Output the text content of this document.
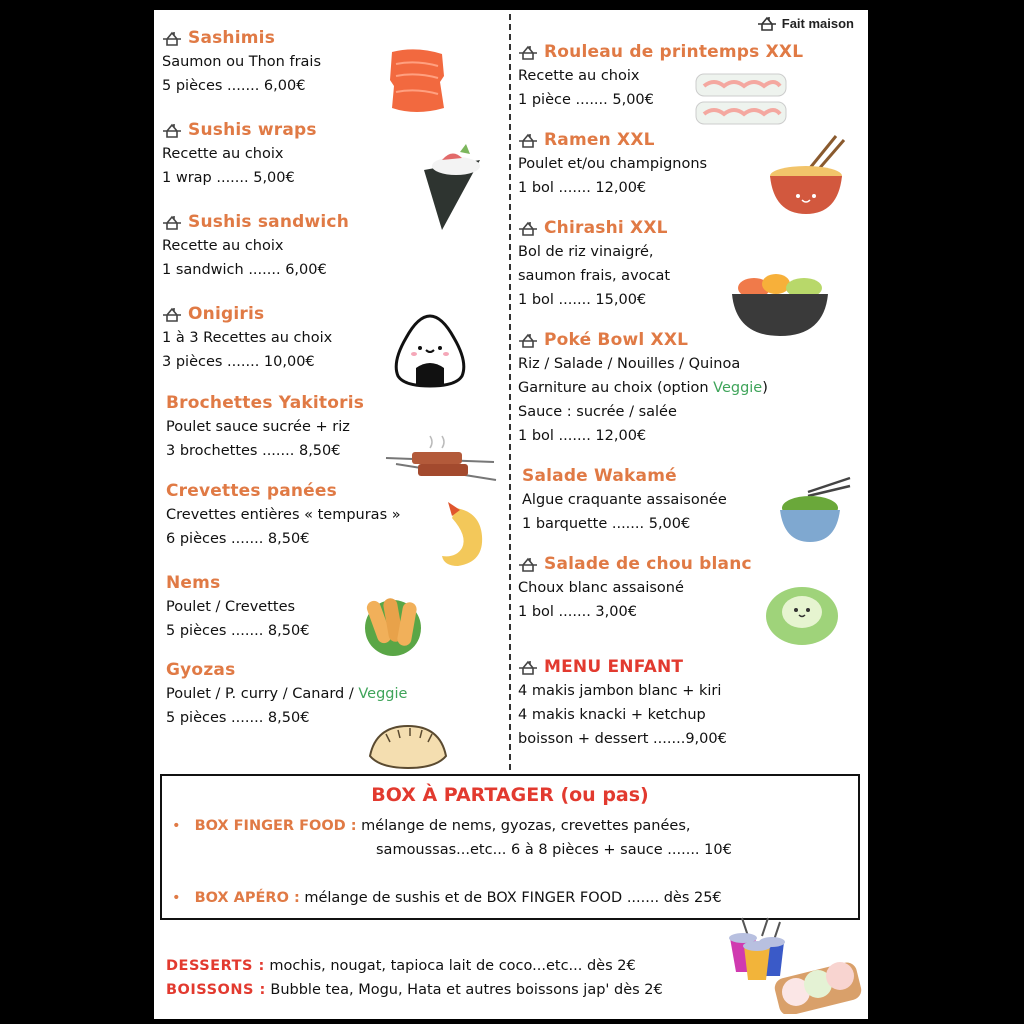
Fait maison
Sashimis
Saumon ou Thon frais
5 pièces ....... 6,00€
Sushis wraps
Recette au choix
1 wrap ....... 5,00€
Sushis sandwich
Recette au choix
1 sandwich ....... 6,00€
Onigiris
1 à 3 Recettes au choix
3 pièces ....... 10,00€
Brochettes Yakitoris
Poulet sauce sucrée + riz
3 brochettes ....... 8,50€
Crevettes panées
Crevettes entières « tempuras »
6 pièces ....... 8,50€
Nems
Poulet / Crevettes
5 pièces ....... 8,50€
Gyozas
Poulet / P. curry / Canard / Veggie
5 pièces ....... 8,50€
Rouleau de printemps XXL
Recette au choix
1 pièce ....... 5,00€
Ramen XXL
Poulet et/ou champignons
1 bol ....... 12,00€
Chirashi XXL
Bol de riz vinaigré,
saumon frais, avocat
1 bol ....... 15,00€
Poké Bowl XXL
Riz / Salade / Nouilles / Quinoa
Garniture au choix (option Veggie)
Sauce : sucrée / salée
1 bol ....... 12,00€
Salade Wakamé
Algue craquante assaisonée
1 barquette ....... 5,00€
Salade de chou blanc
Choux blanc assaisoné
1 bol ....... 3,00€
MENU ENFANT
4 makis jambon blanc + kiri
4 makis knacki + ketchup
boisson + dessert .......9,00€
BOX À PARTAGER (ou pas)
• BOX FINGER FOOD : mélange de nems, gyozas, crevettes panées,
samoussas...etc... 6 à 8 pièces + sauce ....... 10€
• BOX APÉRO : mélange de sushis et de BOX FINGER FOOD ....... dès 25€
DESSERTS : mochis, nougat, tapioca lait de coco...etc... dès 2€
BOISSONS : Bubble tea, Mogu, Hata et autres boissons jap' dès 2€
